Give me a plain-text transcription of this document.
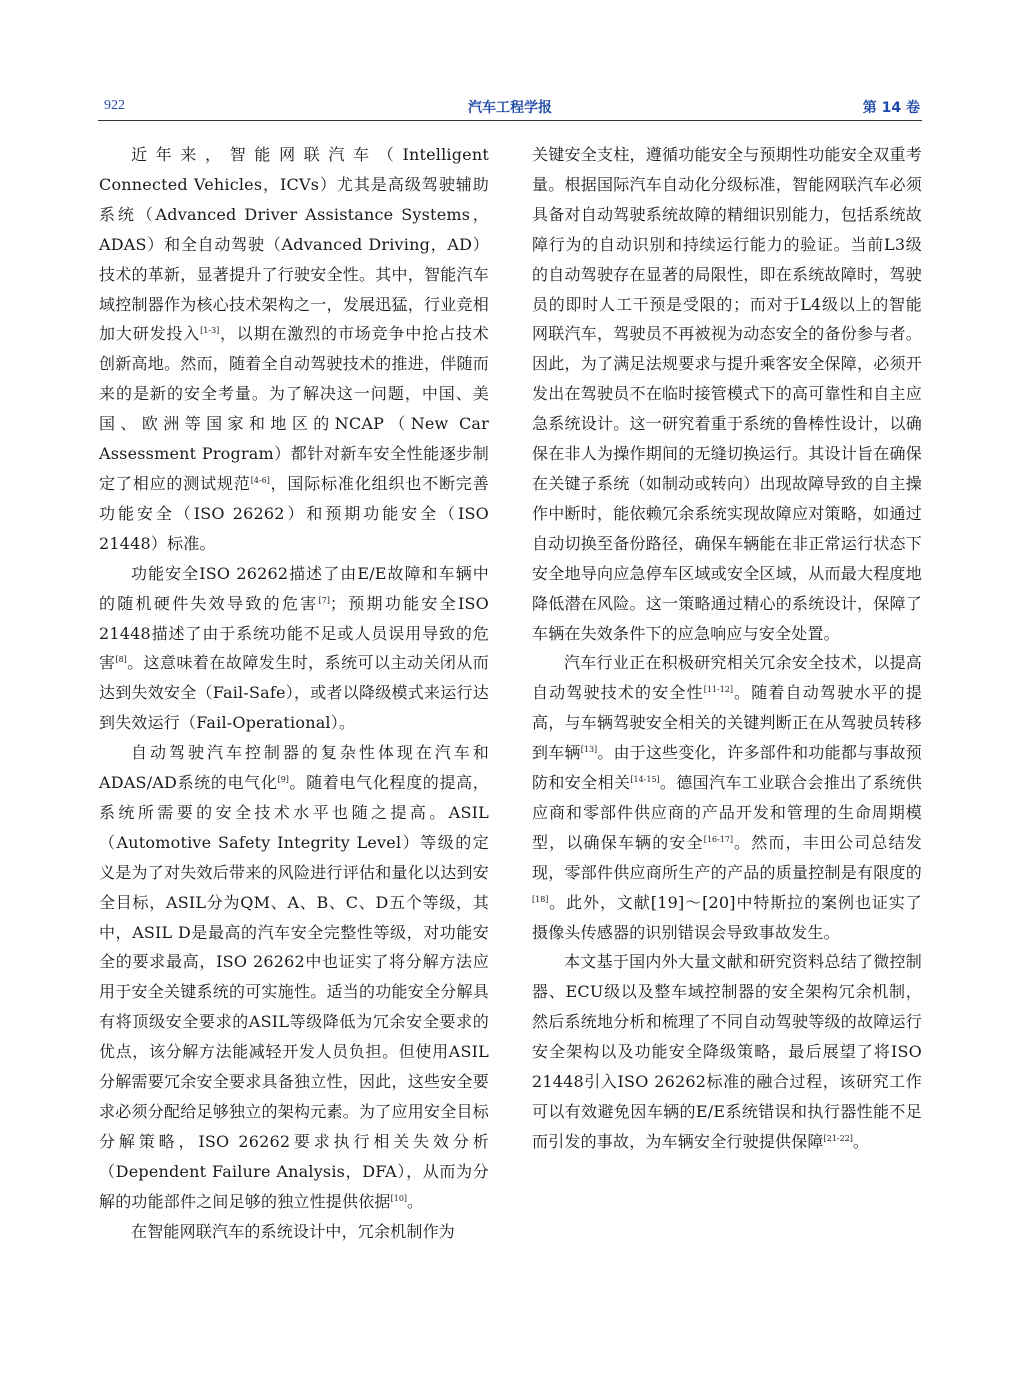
922	汽车工程学报	第 14 卷

近年来，智能网联汽车（Intelligent Connected Vehicles，ICVs）尤其是高级驾驶辅助系统（Advanced Driver Assistance Systems，ADAS）和全自动驾驶（Advanced Driving，AD）技术的革新，显著提升了行驶安全性。其中，智能汽车域控制器作为核心技术架构之一，发展迅猛，行业竞相加大研发投入[1-3]，以期在激烈的市场竞争中抢占技术创新高地。然而，随着全自动驾驶技术的推进，伴随而来的是新的安全考量。为了解决这一问题，中国、美国、欧洲等国家和地区的NCAP（New Car Assessment Program）都针对新车安全性能逐步制定了相应的测试规范[4-6]，国际标准化组织也不断完善功能安全（ISO 26262）和预期功能安全（ISO 21448）标准。

功能安全ISO 26262描述了由E/E故障和车辆中的随机硬件失效导致的危害[7]；预期功能安全ISO 21448描述了由于系统功能不足或人员误用导致的危害[8]。这意味着在故障发生时，系统可以主动关闭从而达到失效安全（Fail-Safe），或者以降级模式来运行达到失效运行（Fail-Operational）。

自动驾驶汽车控制器的复杂性体现在汽车和ADAS/AD系统的电气化[9]。随着电气化程度的提高，系统所需要的安全技术水平也随之提高。ASIL（Automotive Safety Integrity Level）等级的定义是为了对失效后带来的风险进行评估和量化以达到安全目标，ASIL分为QM、A、B、C、D五个等级，其中，ASIL D是最高的汽车安全完整性等级，对功能安全的要求最高，ISO 26262中也证实了将分解方法应用于安全关键系统的可实施性。适当的功能安全分解具有将顶级安全要求的ASIL等级降低为冗余安全要求的优点，该分解方法能减轻开发人员负担。但使用ASIL分解需要冗余安全要求具备独立性，因此，这些安全要求必须分配给足够独立的架构元素。为了应用安全目标分解策略，ISO 26262要求执行相关失效分析（Dependent Failure Analysis，DFA），从而为分解的功能部件之间足够的独立性提供依据[10]。

在智能网联汽车的系统设计中，冗余机制作为

关键安全支柱，遵循功能安全与预期性功能安全双重考量。根据国际汽车自动化分级标准，智能网联汽车必须具备对自动驾驶系统故障的精细识别能力，包括系统故障行为的自动识别和持续运行能力的验证。当前L3级的自动驾驶存在显著的局限性，即在系统故障时，驾驶员的即时人工干预是受限的；而对于L4级以上的智能网联汽车，驾驶员不再被视为动态安全的备份参与者。因此，为了满足法规要求与提升乘客安全保障，必须开发出在驾驶员不在临时接管模式下的高可靠性和自主应急系统设计。这一研究着重于系统的鲁棒性设计，以确保在非人为操作期间的无缝切换运行。其设计旨在确保在关键子系统（如制动或转向）出现故障导致的自主操作中断时，能依赖冗余系统实现故障应对策略，如通过自动切换至备份路径，确保车辆能在非正常运行状态下安全地导向应急停车区域或安全区域，从而最大程度地降低潜在风险。这一策略通过精心的系统设计，保障了车辆在失效条件下的应急响应与安全处置。

汽车行业正在积极研究相关冗余安全技术，以提高自动驾驶技术的安全性[11-12]。随着自动驾驶水平的提高，与车辆驾驶安全相关的关键判断正在从驾驶员转移到车辆[13]。由于这些变化，许多部件和功能都与事故预防和安全相关[14-15]。德国汽车工业联合会推出了系统供应商和零部件供应商的产品开发和管理的生命周期模型，以确保车辆的安全[16-17]。然而，丰田公司总结发现，零部件供应商所生产的产品的质量控制是有限度的[18]。此外，文献[19]～[20]中特斯拉的案例也证实了摄像头传感器的识别错误会导致事故发生。

本文基于国内外大量文献和研究资料总结了微控制器、ECU级以及整车域控制器的安全架构冗余机制，然后系统地分析和梳理了不同自动驾驶等级的故障运行安全架构以及功能安全降级策略，最后展望了将ISO 21448引入ISO 26262标准的融合过程，该研究工作可以有效避免因车辆的E/E系统错误和执行器性能不足而引发的事故，为车辆安全行驶提供保障[21-22]。
